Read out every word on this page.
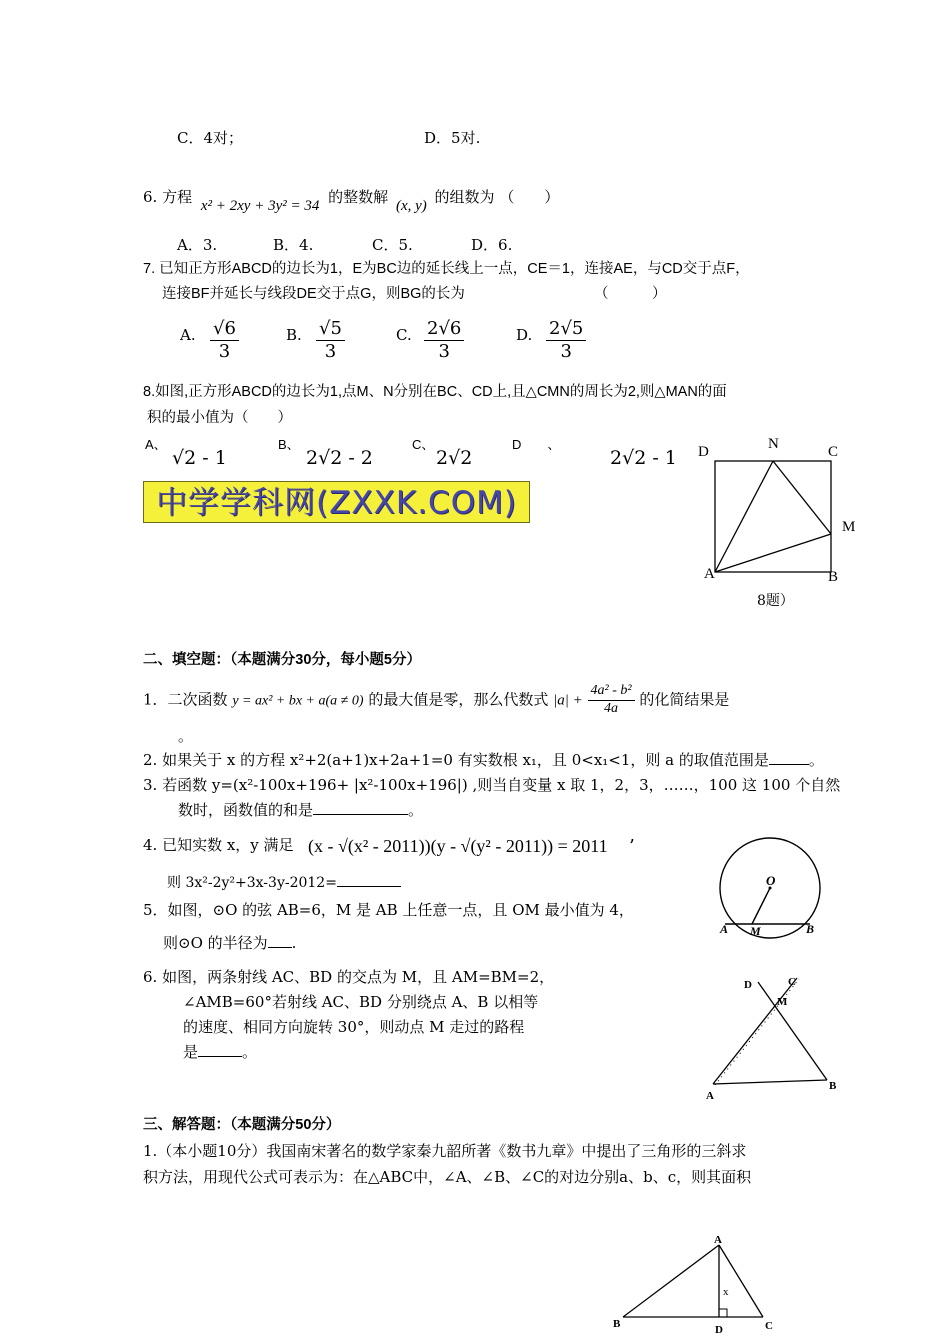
C．4对；	D．5对.
6. 方程 x² + 2xy + 3y² = 34 的整数解 (x, y) 的组数为 （　　）
A．3.	B．4.	C．5.	D．6.
7. 已知正方形ABCD的边长为1，E为BC边的延长线上一点，CE＝1，连接AE，与CD交于点F，
连接BF并延长与线段DE交于点G，则BG的长为	（　　　）
A. $\frac{√6}{3}$	B. $\frac{√5}{3}$	C. $\frac{2√6}{3}$	D. $\frac{2√5}{3}$
8.如图,正方形ABCD的边长为1,点M、N分别在BC、CD上,且△CMN的周长为2,则△MAN的面
积的最小值为（　　）
A、
√2 - 1
B、
2√2 - 2
C、
2√2
D　　、
2√2 - 1
中学学科网(ZXXK.COM)
D	N	C
M
A	B
8题）
二、填空题：（本题满分30分，每小题5分）
1．二次函数 y = ax² + bx + a(a ≠ 0) 的最大值是零，那么代数式 $|a| + \frac{\text{4a² - b²}}{4a}$ 的化简结果是
。
2. 如果关于 x 的方程 x²+2(a+1)x+2a+1=0 有实数根 x₁，且 0<x₁<1，则 a 的取值范围是	。
3. 若函数 y=(x²-100x+196+ |x²-100x+196|) ,则当自变量 x 取 1，2，3，……，100 这 100 个自然
数时，函数值的和是	。
4. 已知实数 x，y 满足 (x - √(x² - 2011))(y - √(y² - 2011)) = 2011 ’
则 3x²-2y²+3x-3y-2012=
5．如图，⊙O 的弦 AB=6，M 是 AB 上任意一点，且 OM 最小值为 4，
则⊙O 的半径为 .
O
A M	B
6. 如图，两条射线 AC、BD 的交点为 M，且 AM=BM=2，
∠AMB=60°若射线 AC、BD 分别绕点 A、B 以相等
的速度、相同方向旋转 30°，则动点 M 走过的路程
是	。
D	C
M
A
B
三、解答题：（本题满分50分）
1.（本小题10分）我国南宋著名的数学家秦九韶所著《数书九章》中提出了三角形的三斜求
积方法，用现代公式可表示为：在△ABC中，∠A、∠B、∠C的对边分别a、b、c，则其面积
A
B	D	C
x
